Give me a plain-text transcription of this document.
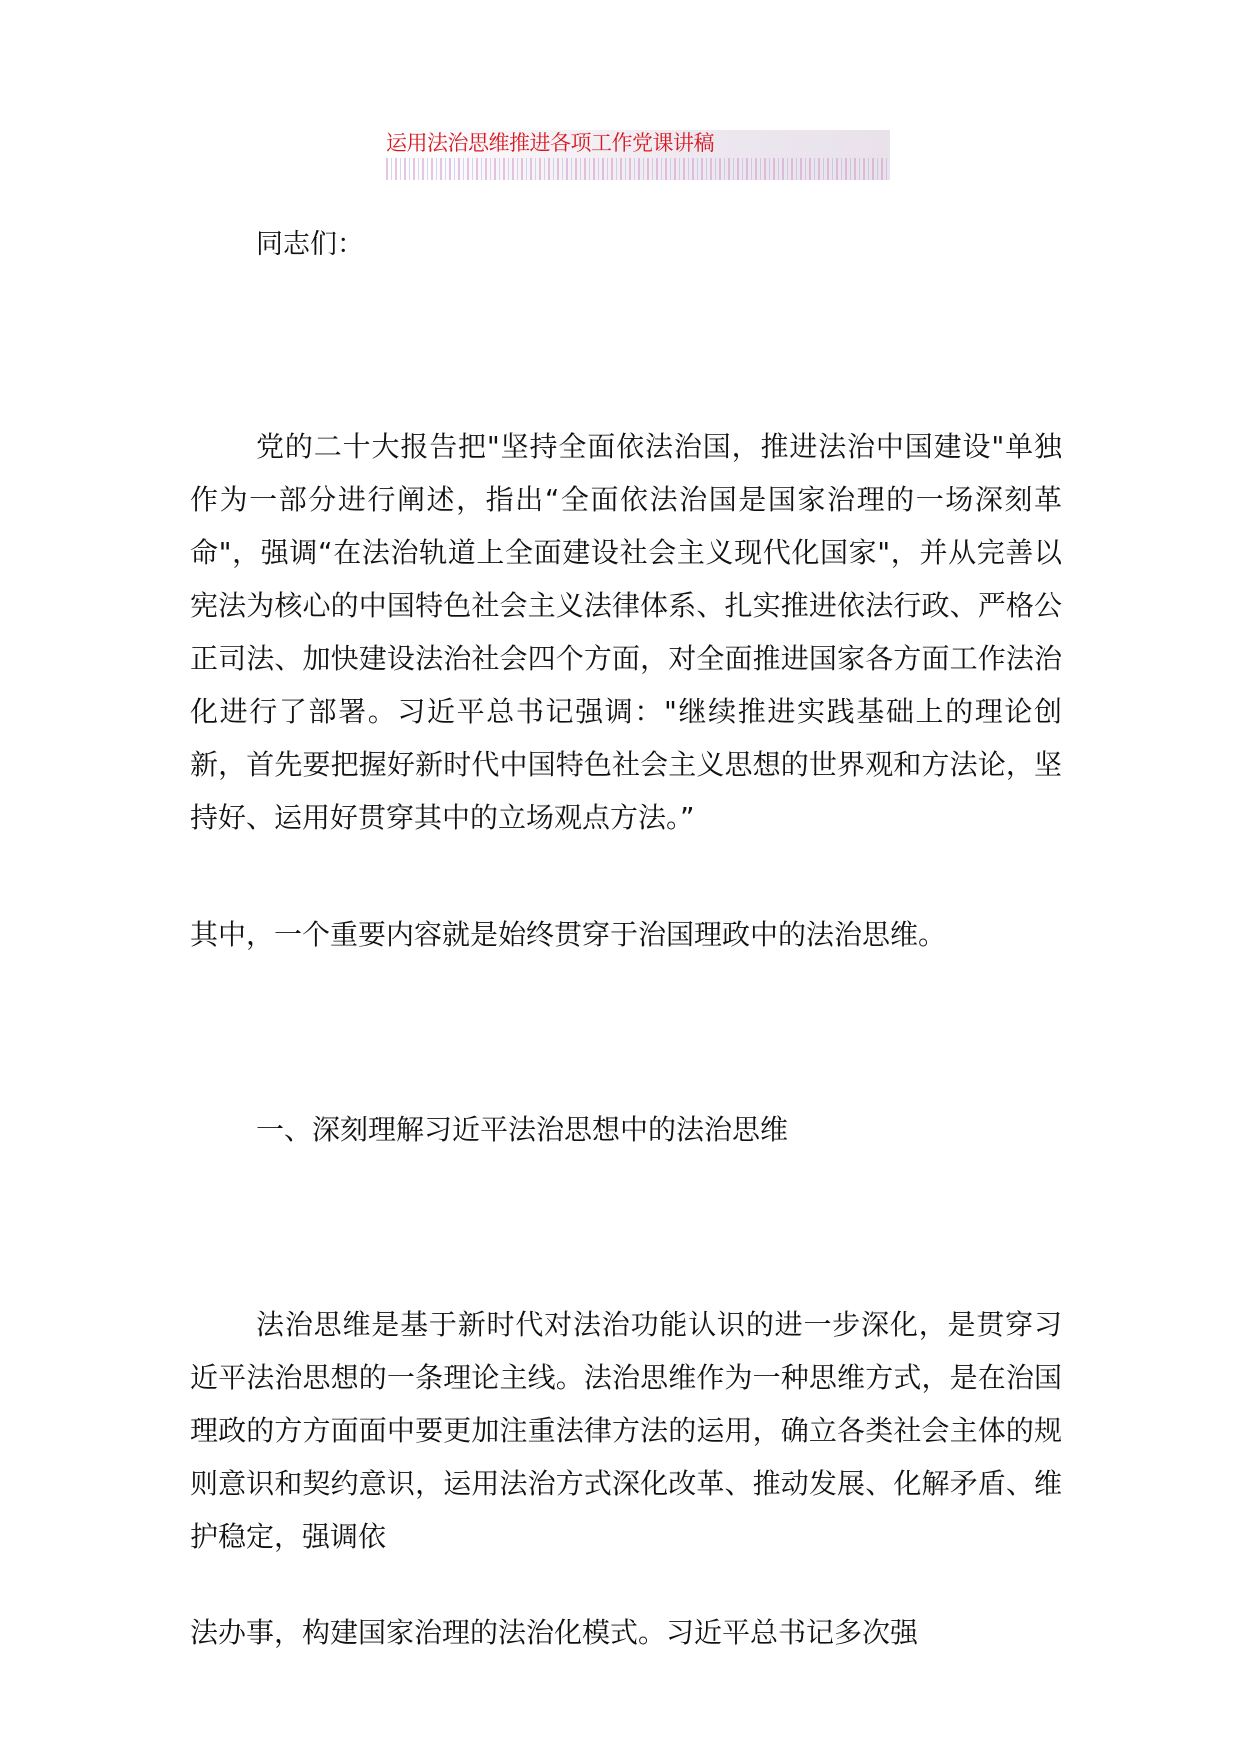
运用法治思维推进各项工作党课讲稿
同志们：

党的二十大报告把"坚持全面依法治国，推进法治中国建设"单独作为一部分进行阐述，指出“全面依法治国是国家治理的一场深刻革命"，强调“在法治轨道上全面建设社会主义现代化国家"，并从完善以宪法为核心的中国特色社会主义法律体系、扎实推进依法行政、严格公正司法、加快建设法治社会四个方面，对全面推进国家各方面工作法治化进行了部署。习近平总书记强调："继续推进实践基础上的理论创新，首先要把握好新时代中国特色社会主义思想的世界观和方法论，坚持好、运用好贯穿其中的立场观点方法。”

其中，一个重要内容就是始终贯穿于治国理政中的法治思维。

一、深刻理解习近平法治思想中的法治思维

法治思维是基于新时代对法治功能认识的进一步深化，是贯穿习近平法治思想的一条理论主线。法治思维作为一种思维方式，是在治国理政的方方面面中要更加注重法律方法的运用，确立各类社会主体的规则意识和契约意识，运用法治方式深化改革、推动发展、化解矛盾、维护稳定，强调依

法办事，构建国家治理的法治化模式。习近平总书记多次强
